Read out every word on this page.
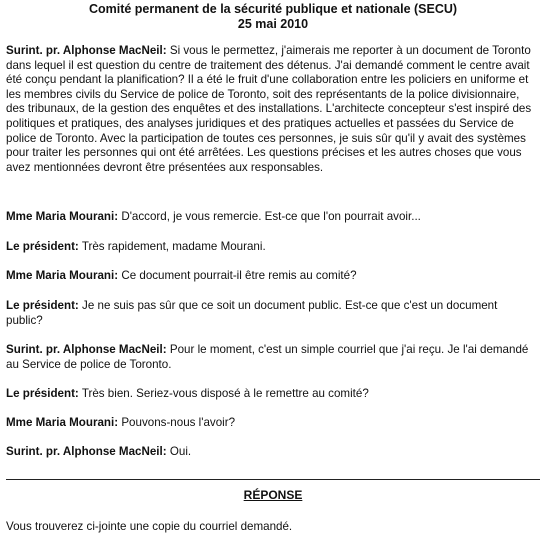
Comité permanent de la sécurité publique et nationale (SECU)
25 mai 2010

Surint. pr. Alphonse MacNeil: Si vous le permettez, j'aimerais me reporter à un document de Toronto dans lequel il est question du centre de traitement des détenus. J'ai demandé comment le centre avait été conçu pendant la planification? Il a été le fruit d'une collaboration entre les policiers en uniforme et les membres civils du Service de police de Toronto, soit des représentants de la police divisionnaire, des tribunaux, de la gestion des enquêtes et des installations. L'architecte concepteur s'est inspiré des politiques et pratiques, des analyses juridiques et des pratiques actuelles et passées du Service de police de Toronto. Avec la participation de toutes ces personnes, je suis sûr qu'il y avait des systèmes pour traiter les personnes qui ont été arrêtées. Les questions précises et les autres choses que vous avez mentionnées devront être présentées aux responsables.

Mme Maria Mourani: D'accord, je vous remercie. Est-ce que l'on pourrait avoir...

Le président: Très rapidement, madame Mourani.

Mme Maria Mourani: Ce document pourrait-il être remis au comité?

Le président: Je ne suis pas sûr que ce soit un document public. Est-ce que c'est un document public?

Surint. pr. Alphonse MacNeil: Pour le moment, c'est un simple courriel que j'ai reçu. Je l'ai demandé au Service de police de Toronto.

Le président: Très bien. Seriez-vous disposé à le remettre au comité?

Mme Maria Mourani: Pouvons-nous l'avoir?

Surint. pr. Alphonse MacNeil: Oui.

RÉPONSE
Vous trouverez ci-jointe une copie du courriel demandé.
